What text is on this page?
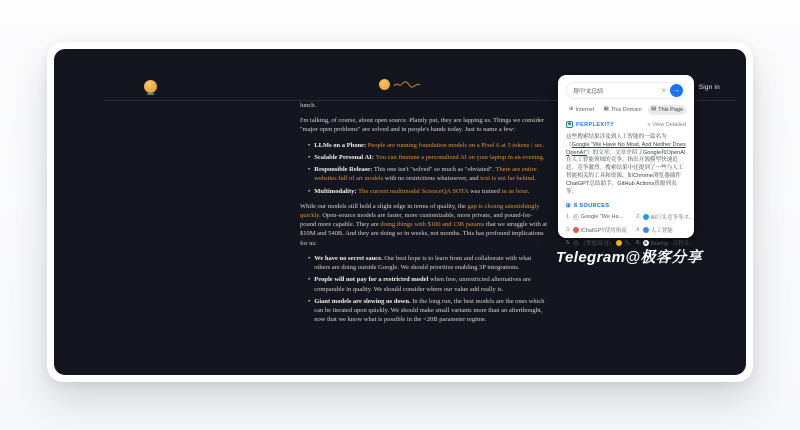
Sign in
lunch.
I'm talking, of course, about open source. Plainly put, they are lapping us. Things we consider "major open problems" are solved and in people's hands today. Just to name a few:
• LLMs on a Phone: People are running foundation models on a Pixel 6 at 5 tokens / sec.
• Scalable Personal AI: You can finetune a personalized AI on your laptop in an evening.
• Responsible Release: This one isn't "solved" so much as "obviated". There are entire websites full of art models with no restrictions whatsoever, and text is not far behind.
• Multimodality: The current multimodal ScienceQA SOTA was trained in an hour.
While our models still hold a slight edge in terms of quality, the gap is closing astonishingly quickly. Open-source models are faster, more customizable, more private, and pound-for-pound more capable. They are doing things with $100 and 13B params that we struggle with at $10M and 540B. And they are doing so in weeks, not months. This has profound implications for us:
• We have no secret sauce. Our best hope is to learn from and collaborate with what others are doing outside Google. We should prioritize enabling 3P integrations.
• People will not pay for a restricted model when free, unrestricted alternatives are comparable in quality. We should consider where our value add really is.
• Giant models are slowing us down. In the long run, the best models are the ones which can be iterated upon quickly. We should make small variants more than an afterthought, now that we know what is possible in the <20B parameter regime.
用中文总结
× →
⊕ Internet ▦ This Domain ▤ This Page
◆ PERPLEXITY	≡ View Detailed
这些搜索结果涉及到人工智能的一篇名为《Google "We Have No Moat, And Neither Does OpenAI"》的文章。文章介绍了Google和OpenAI在人工智能领域的竞争，指出开源模型快速追赶、竞争激烈。搜索结果中还提到了一些与人工智能相关的工具和资源，如Chrome浏览器插件ChatGPT总结助手、GitHub Actions资源列表等。
⊞ 8 SOURCES
1. G Google "We Ha... 2. AI巨头竞争等-T...
3. iChatGPT使用指南 4. 人工智能
5. 《梦想周刊》 为.. 6. B Ruxing - 百科文..
Telegram@极客分享
